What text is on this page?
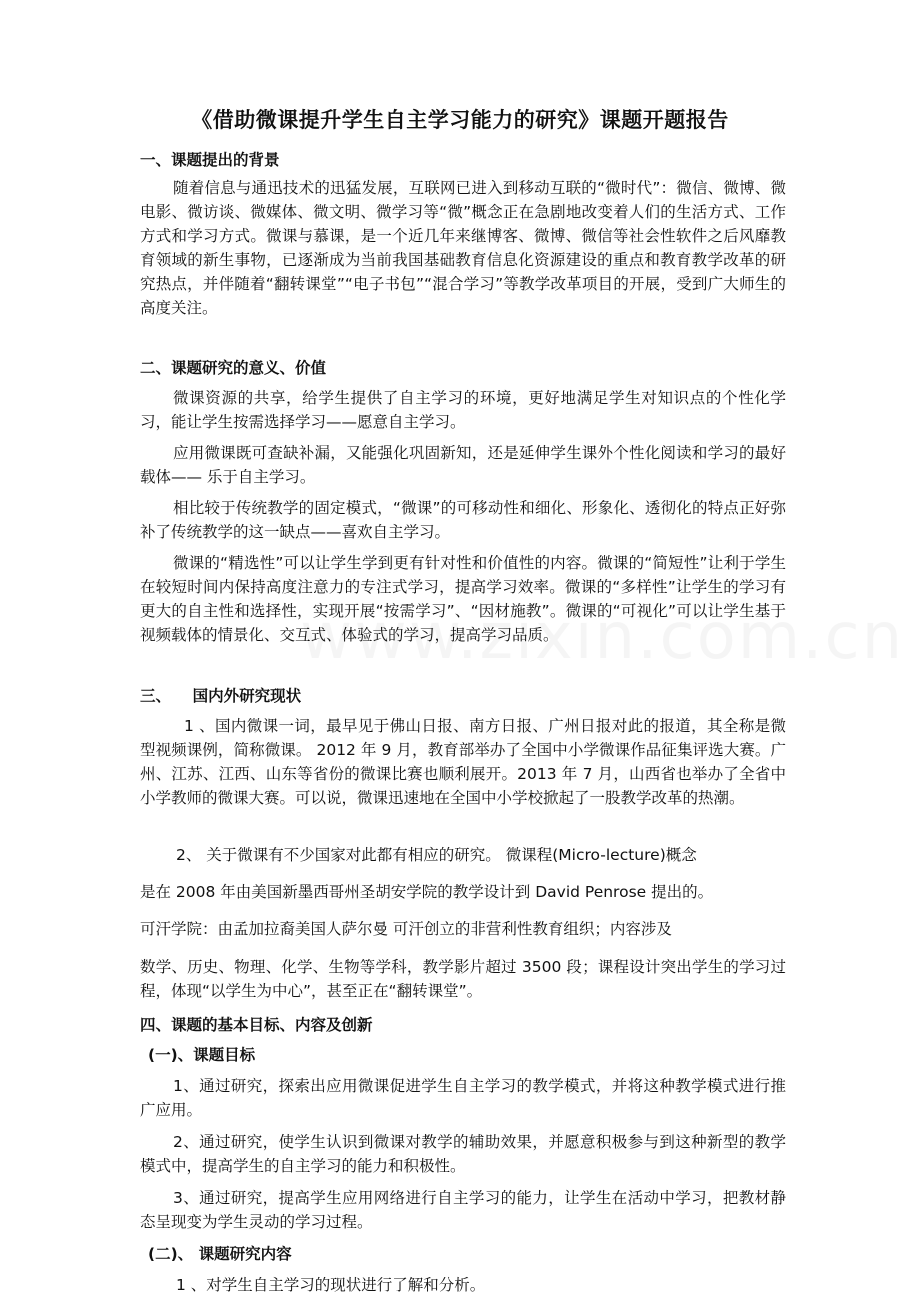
《借助微课提升学生自主学习能力的研究》课题开题报告
一、课题提出的背景

随着信息与通迅技术的迅猛发展，互联网已进入到移动互联的“微时代”：微信、微博、微电影、微访谈、微媒体、微文明、微学习等“微”概念正在急剧地改变着人们的生活方式、工作方式和学习方式。微课与慕课，是一个近几年来继博客、微博、微信等社会性软件之后风靡教育领域的新生事物，已逐渐成为当前我国基础教育信息化资源建设的重点和教育教学改革的研究热点，并伴随着“翻转课堂”“电子书包”“混合学习”等教学改革项目的开展，受到广大师生的高度关注。

二、课题研究的意义、价值

微课资源的共享，给学生提供了自主学习的环境，更好地满足学生对知识点的个性化学习，能让学生按需选择学习——愿意自主学习。

应用微课既可查缺补漏，又能强化巩固新知，还是延伸学生课外个性化阅读和学习的最好载体—— 乐于自主学习。

相比较于传统教学的固定模式，“微课”的可移动性和细化、形象化、透彻化的特点正好弥补了传统教学的这一缺点——喜欢自主学习。

微课的“精选性”可以让学生学到更有针对性和价值性的内容。微课的“简短性”让利于学生在较短时间内保持高度注意力的专注式学习，提高学习效率。微课的“多样性”让学生的学习有更大的自主性和选择性，实现开展“按需学习”、“因材施教”。微课的“可视化”可以让学生基于视频载体的情景化、交互式、体验式的学习，提高学习品质。

三、    国内外研究现状

1 、国内微课一词，最早见于佛山日报、南方日报、广州日报对此的报道，其全称是微型视频课例，简称微课。 2012 年 9 月，教育部举办了全国中小学微课作品征集评选大赛。广州、江苏、江西、山东等省份的微课比赛也顺利展开。2013 年 7 月，山西省也举办了全省中小学教师的微课大赛。可以说，微课迅速地在全国中小学校掀起了一股教学改革的热潮。

2、 关于微课有不少国家对此都有相应的研究。 微课程(Micro-lecture)概念

是在 2008 年由美国新墨西哥州圣胡安学院的教学设计到 David Penrose 提出的。

可汗学院：由孟加拉裔美国人萨尔曼 可汗创立的非营利性教育组织；内容涉及

数学、历史、物理、化学、生物等学科，教学影片超过 3500 段；课程设计突出学生的学习过程，体现“以学生为中心”，甚至正在“翻转课堂”。

四、课题的基本目标、内容及创新
(一)、课题目标

1、通过研究，探索出应用微课促进学生自主学习的教学模式，并将这种教学模式进行推广应用。

2、通过研究，使学生认识到微课对教学的辅助效果，并愿意积极参与到这种新型的教学模式中，提高学生的自主学习的能力和积极性。

3、通过研究，提高学生应用网络进行自主学习的能力，让学生在活动中学习，把教材静态呈现变为学生灵动的学习过程。

(二)、 课题研究内容

1 、对学生自主学习的现状进行了解和分析。
